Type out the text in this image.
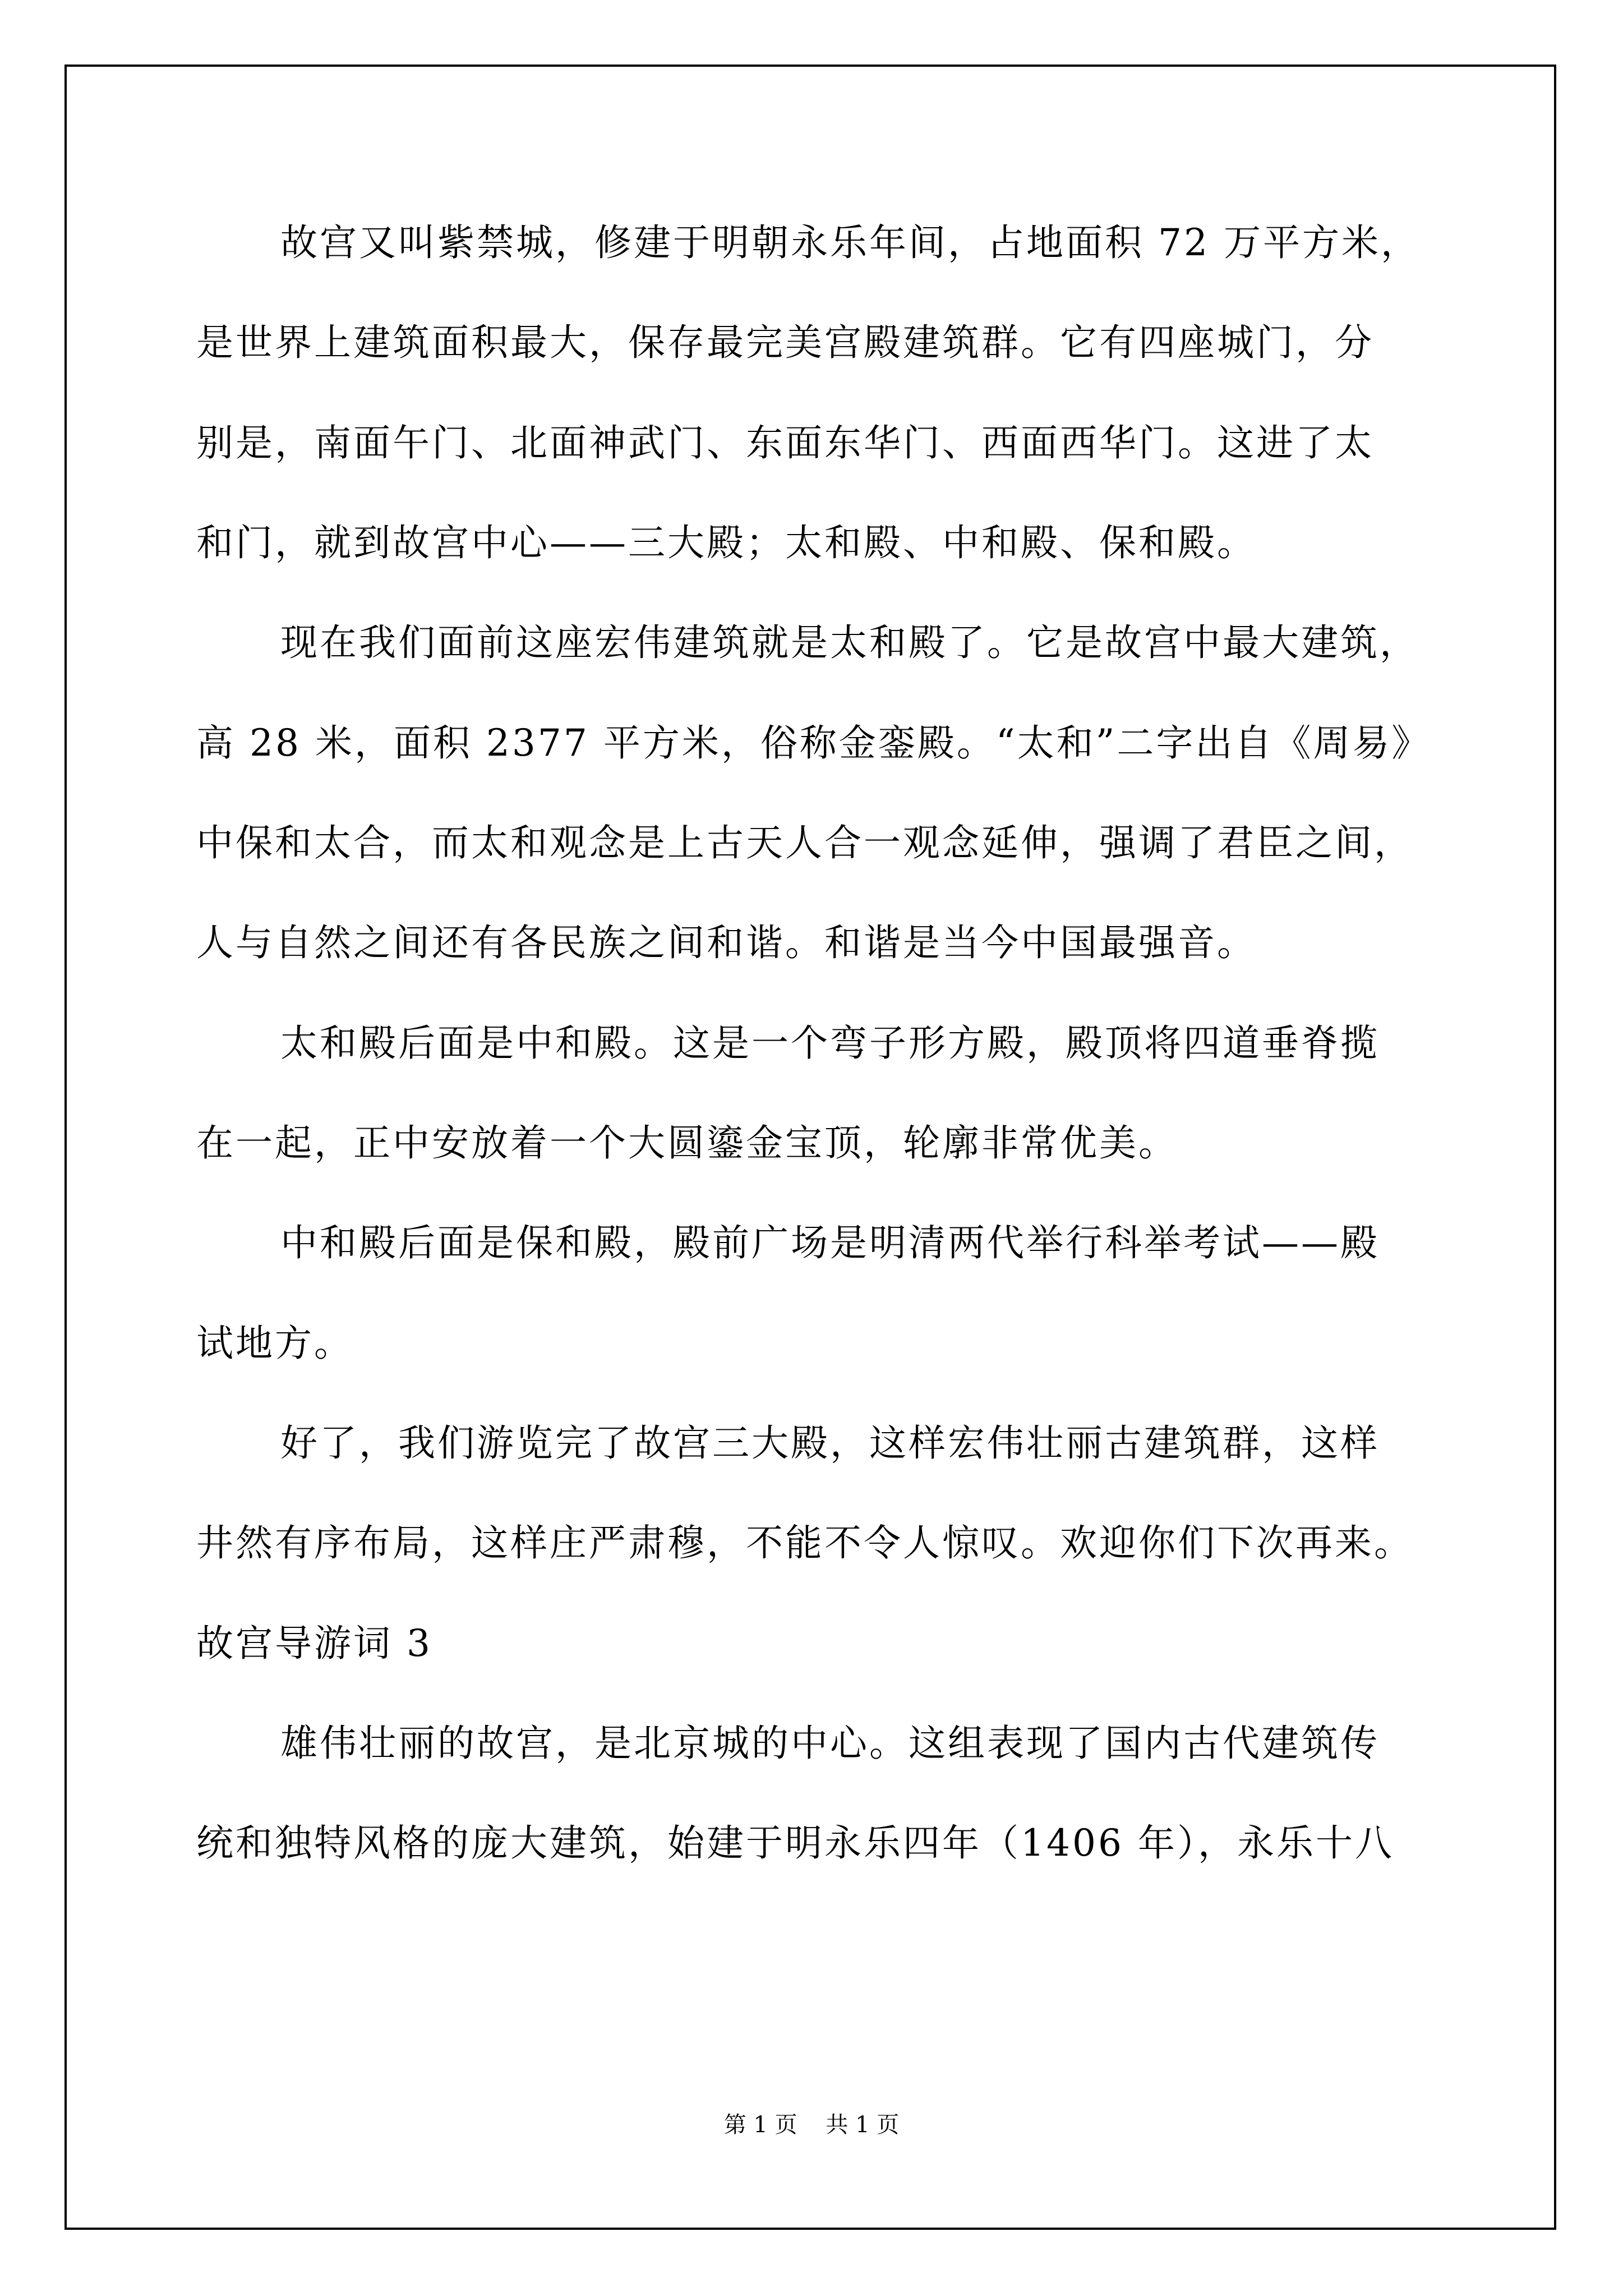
故宫又叫紫禁城，修建于明朝永乐年间，占地面积 72 万平方米，
是世界上建筑面积最大，保存最完美宫殿建筑群。它有四座城门，分
别是，南面午门、北面神武门、东面东华门、西面西华门。这进了太
和门，就到故宫中心——三大殿；太和殿、中和殿、保和殿。
现在我们面前这座宏伟建筑就是太和殿了。它是故宫中最大建筑，
高 28 米，面积 2377 平方米，俗称金銮殿。“太和”二字出自《周易》
中保和太合，而太和观念是上古天人合一观念延伸，强调了君臣之间，
人与自然之间还有各民族之间和谐。和谐是当今中国最强音。
太和殿后面是中和殿。这是一个弯子形方殿，殿顶将四道垂脊揽
在一起，正中安放着一个大圆鎏金宝顶，轮廓非常优美。
中和殿后面是保和殿，殿前广场是明清两代举行科举考试——殿
试地方。
好了，我们游览完了故宫三大殿，这样宏伟壮丽古建筑群，这样
井然有序布局，这样庄严肃穆，不能不令人惊叹。欢迎你们下次再来。
故宫导游词 3
雄伟壮丽的故宫，是北京城的中心。这组表现了国内古代建筑传
统和独特风格的庞大建筑，始建于明永乐四年（1406 年），永乐十八
第 1 页    共 1 页
